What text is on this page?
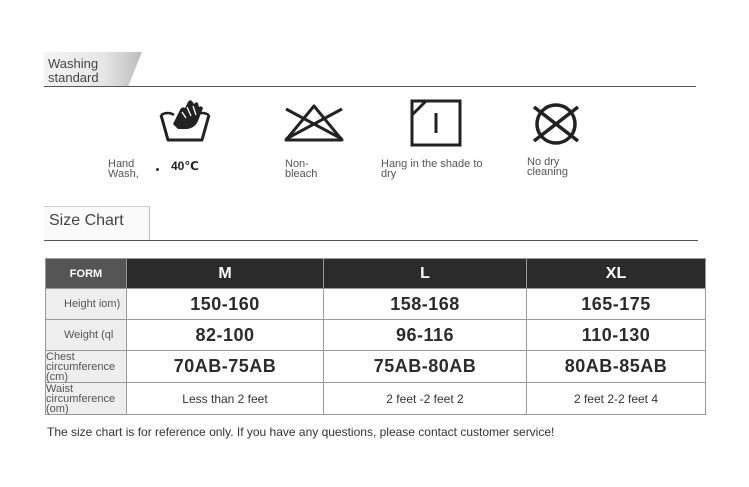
Washing standard
40℃
Hand Wash,
Non-bleach
Hang in the shade to dry
No dry cleaning
Size Chart
FORM	M	L	XL
Height iom)	150-160	158-168	165-175
Weight (ql	82-100	96-116	110-130
Chest circumference (cm)	70AB-75AB	75AB-80AB	80AB-85AB
Waist circumference (om)	Less than 2 feet	2 feet -2 feet 2	2 feet 2-2 feet 4
The size chart is for reference only. If you have any questions, please contact customer service!
